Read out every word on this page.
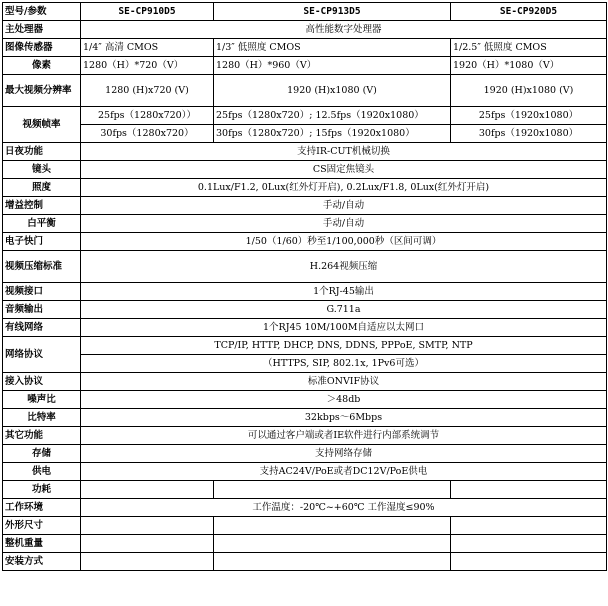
型号/参数	SE-CP910D5	SE-CP913D5	SE-CP920D5
主处理器	高性能数字处理器		
图像传感器	1/4″ 高清 CMOS	1/3″ 低照度 CMOS	1/2.5″ 低照度 CMOS
像素	1280（H）*720（V）	1280（H）*960（V）	1920（H）*1080（V）
最大视频分辨率	1280 (H)x720 (V)	1920 (H)x1080 (V)	1920 (H)x1080 (V)
视频帧率	25fps（1280x720））	25fps（1280x720）; 12.5fps（1920x1080）	25fps（1920x1080）
	30fps（1280x720）	30fps（1280x720）; 15fps（1920x1080）	30fps（1920x1080）
日夜功能	支持IR-CUT机械切换		
镜头	CS固定焦镜头		
照度	0.1Lux/F1.2, 0Lux(红外灯开启), 0.2Lux/F1.8, 0Lux(红外灯开启)		
增益控制	手动/自动		
白平衡	手动/自动		
电子快门	1/50（1/60）秒至1/100,000秒（区间可调）		
视频压缩标准	H.264视频压缩		
视频接口	1个RJ-45输出		
音频输出	G.711a		
有线网络	1个RJ45 10M/100M自适应以太网口		
网络协议	TCP/IP, HTTP, DHCP, DNS, DDNS, PPPoE, SMTP, NTP		
	（HTTPS, SIP, 802.1x, 1Pv6可选）		
接入协议	标准ONVIF协议		
噪声比	＞48db		
比特率	32kbps～6Mbps		
其它功能	可以通过客户端或者IE软件进行内部系统调节		
存储	支持网络存储		
供电	支持AC24V/PoE或者DC12V/PoE供电		
功耗			
工作环境	工作温度：-20℃~+60℃ 工作湿度≤90%		
外形尺寸			
整机重量			
安装方式			
